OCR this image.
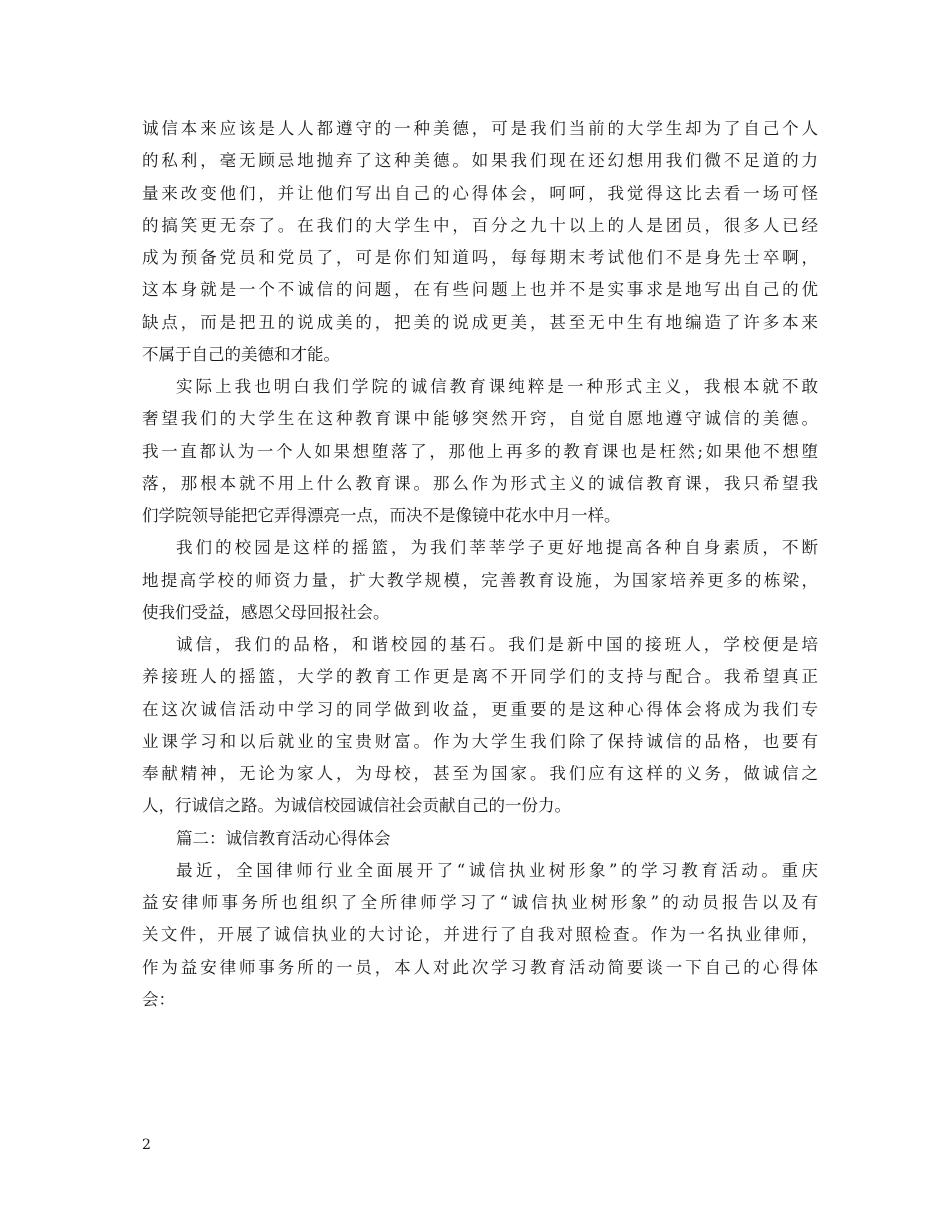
诚信本来应该是人人都遵守的一种美德，可是我们当前的大学生却为了自己个人
的私利，毫无顾忌地抛弃了这种美德。如果我们现在还幻想用我们微不足道的力
量来改变他们，并让他们写出自己的心得体会，呵呵，我觉得这比去看一场可怪
的搞笑更无奈了。在我们的大学生中，百分之九十以上的人是团员，很多人已经
成为预备党员和党员了，可是你们知道吗，每每期末考试他们不是身先士卒啊，
这本身就是一个不诚信的问题，在有些问题上也并不是实事求是地写出自己的优
缺点，而是把丑的说成美的，把美的说成更美，甚至无中生有地编造了许多本来
不属于自己的美德和才能。
实际上我也明白我们学院的诚信教育课纯粹是一种形式主义，我根本就不敢
奢望我们的大学生在这种教育课中能够突然开窍，自觉自愿地遵守诚信的美德。
我一直都认为一个人如果想堕落了，那他上再多的教育课也是枉然;如果他不想堕
落，那根本就不用上什么教育课。那么作为形式主义的诚信教育课，我只希望我
们学院领导能把它弄得漂亮一点，而决不是像镜中花水中月一样。
我们的校园是这样的摇篮，为我们莘莘学子更好地提高各种自身素质，不断
地提高学校的师资力量，扩大教学规模，完善教育设施，为国家培养更多的栋梁，
使我们受益，感恩父母回报社会。
诚信，我们的品格，和谐校园的基石。我们是新中国的接班人，学校便是培
养接班人的摇篮，大学的教育工作更是离不开同学们的支持与配合。我希望真正
在这次诚信活动中学习的同学做到收益，更重要的是这种心得体会将成为我们专
业课学习和以后就业的宝贵财富。作为大学生我们除了保持诚信的品格，也要有
奉献精神，无论为家人，为母校，甚至为国家。我们应有这样的义务，做诚信之
人，行诚信之路。为诚信校园诚信社会贡献自己的一份力。
篇二：诚信教育活动心得体会
最近，全国律师行业全面展开了“诚信执业树形象”的学习教育活动。重庆
益安律师事务所也组织了全所律师学习了“诚信执业树形象”的动员报告以及有
关文件，开展了诚信执业的大讨论，并进行了自我对照检查。作为一名执业律师，
作为益安律师事务所的一员，本人对此次学习教育活动简要谈一下自己的心得体
会：
2
